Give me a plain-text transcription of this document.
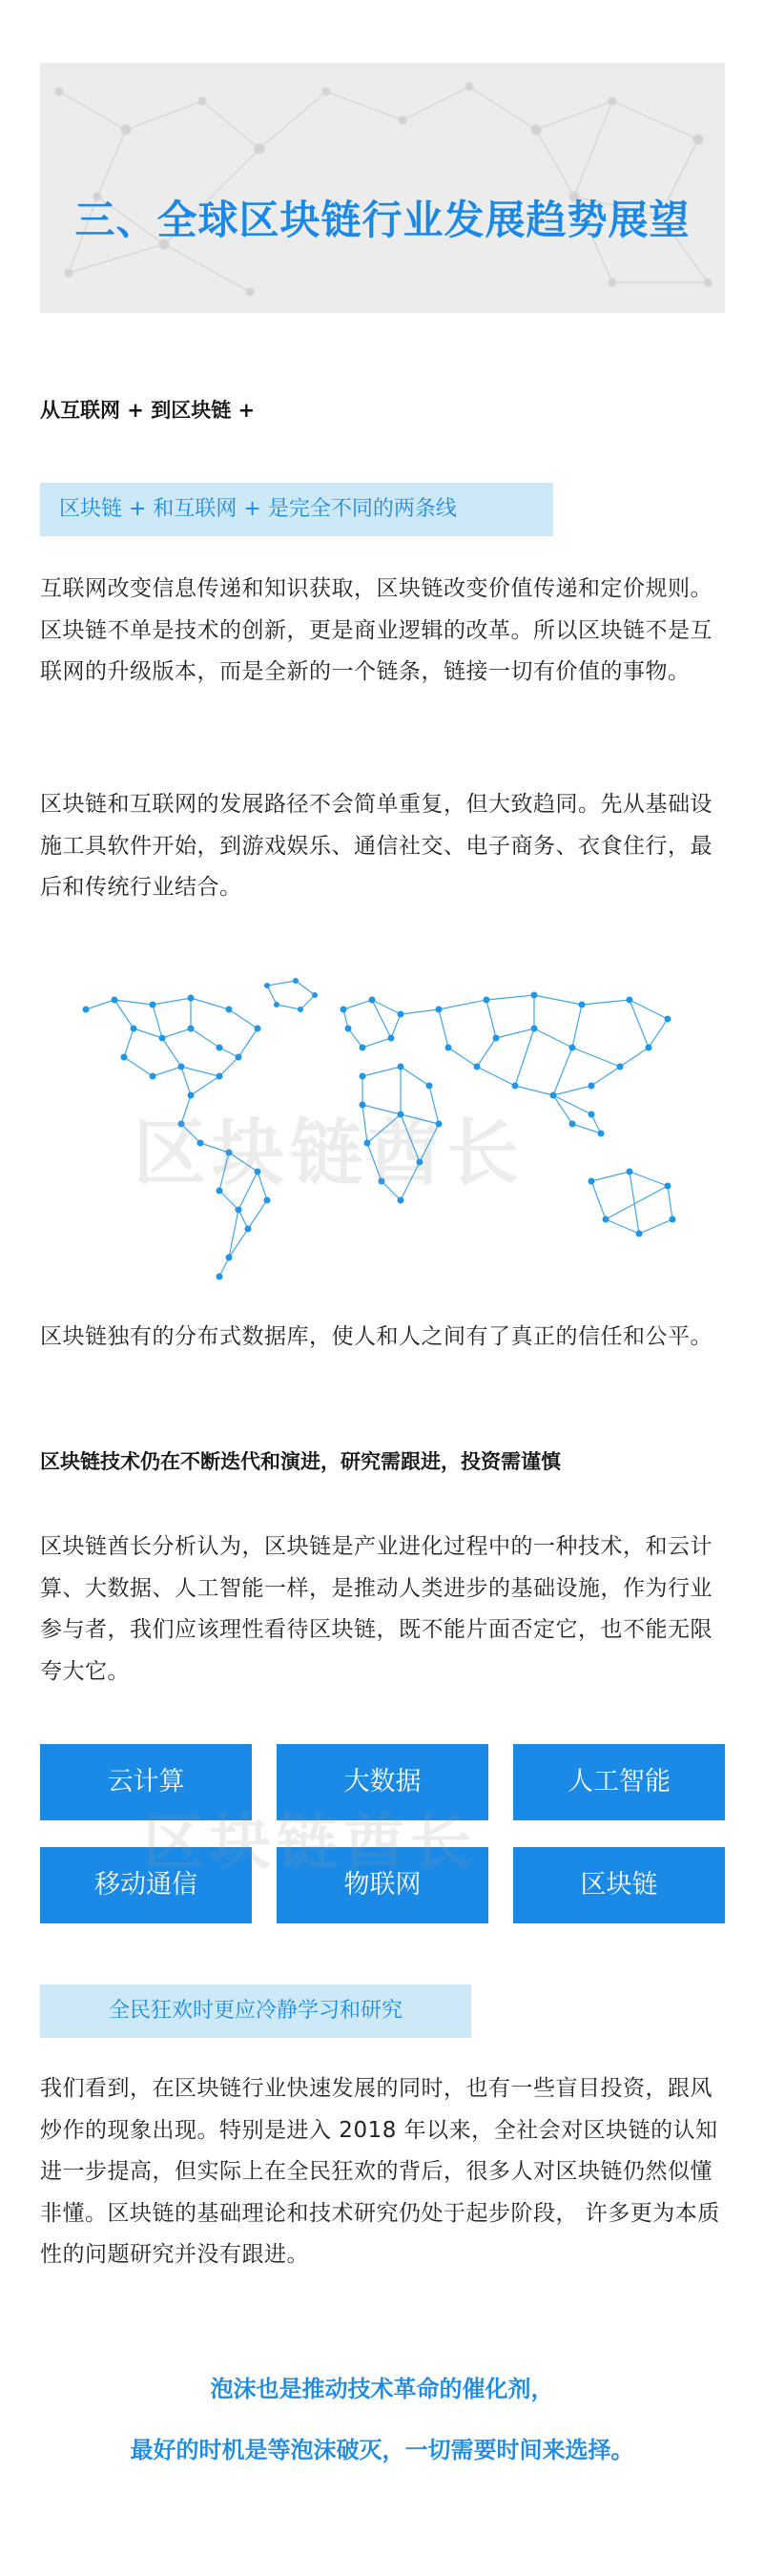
三、全球区块链行业发展趋势展望
从互联网 + 到区块链 +
区块链 + 和互联网 + 是完全不同的两条线

互联网改变信息传递和知识获取，区块链改变价值传递和定价规则。区块链不单是技术的创新，更是商业逻辑的改革。所以区块链不是互联网的升级版本，而是全新的一个链条，链接一切有价值的事物。

区块链和互联网的发展路径不会简单重复，但大致趋同。先从基础设施工具软件开始，到游戏娱乐、通信社交、电子商务、衣食住行，最后和传统行业结合。

区块链酋长

区块链独有的分布式数据库，使人和人之间有了真正的信任和公平。

区块链技术仍在不断迭代和演进，研究需跟进，投资需谨慎

区块链酋长分析认为，区块链是产业进化过程中的一种技术，和云计算、大数据、人工智能一样，是推动人类进步的基础设施，作为行业参与者，我们应该理性看待区块链，既不能片面否定它，也不能无限夸大它。

云计算	大数据	人工智能
移动通信	物联网	区块链
区块链酋长
全民狂欢时更应冷静学习和研究

我们看到，在区块链行业快速发展的同时，也有一些盲目投资，跟风炒作的现象出现。特别是进入 2018 年以来，全社会对区块链的认知进一步提高，但实际上在全民狂欢的背后，很多人对区块链仍然似懂非懂。区块链的基础理论和技术研究仍处于起步阶段， 许多更为本质性的问题研究并没有跟进。

泡沫也是推动技术革命的催化剂，

最好的时机是等泡沫破灭，一切需要时间来选择。
